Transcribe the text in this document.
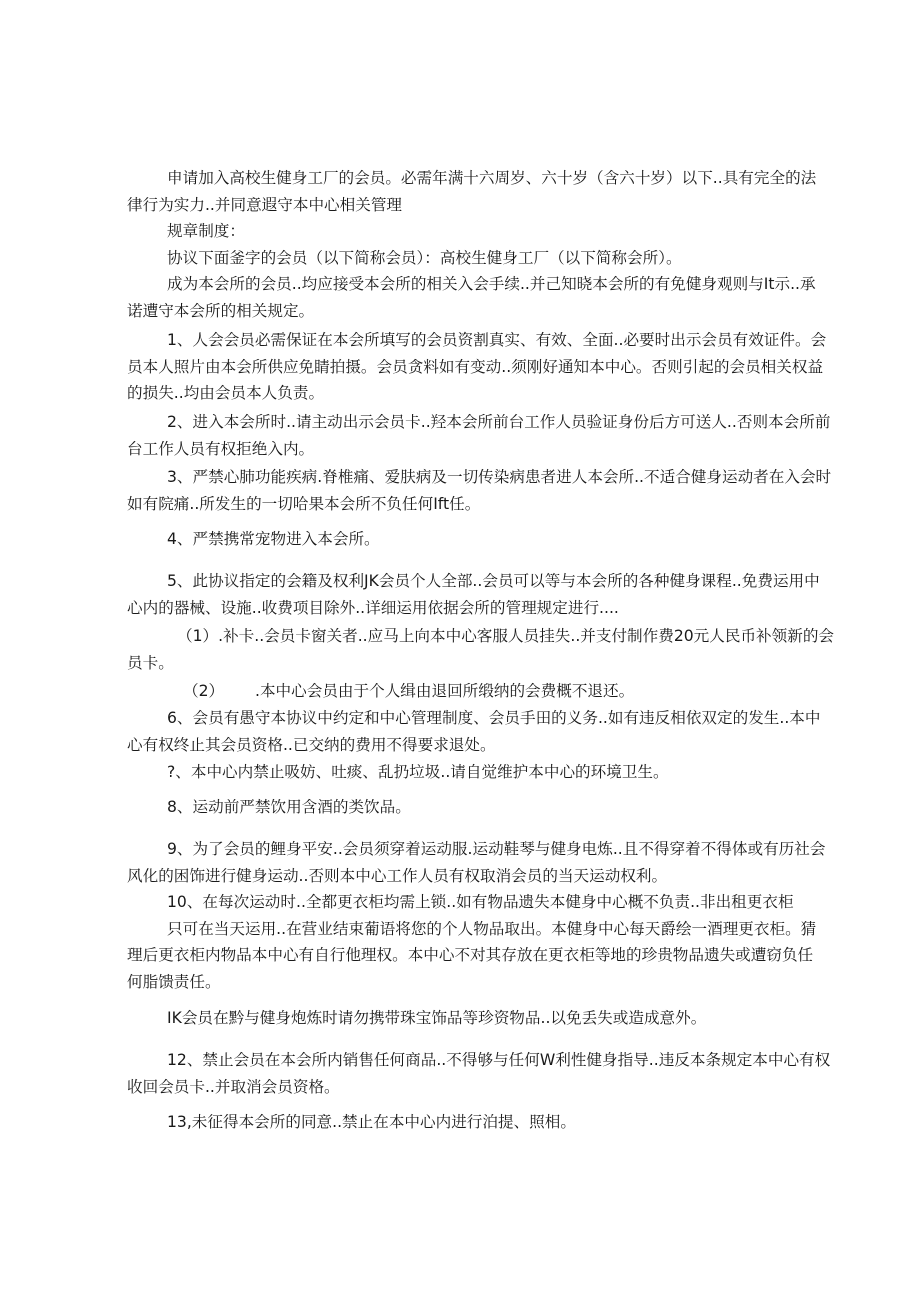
申请加入高校生健身工厂的会员。必需年满十六周岁、六十岁（含六十岁）以下..具有完全的法

律行为实力..并同意遐守本中心相关管理

规章制度：

协议下面釜字的会员（以下简称会员）：高校生健身工厂（以下简称会所）。

成为本会所的会员..均应接受本会所的相关入会手续..并己知晓本会所的有免健身观则与It示..承

诺遭守本会所的相关规定。

1、人会会员必需保证在本会所填写的会员资割真实、有效、全面..必要时出示会员有效证件。会

员本人照片由本会所供应免睛拍摄。会员贪料如有变动..须刚好通知本中心。否则引起的会员相关权益

的损失..均由会员本人负责。

2、进入本会所时..请主动出示会员卡..羟本会所前台工作人员验证身份后方可送人..否则本会所前

台工作人员有权拒绝入内。

3、严禁心肺功能疾病.脊椎痛、爱肤病及一切传染病患者进人本会所..不适合健身运动者在入会时

如有院痛..所发生的一切哈果本会所不负任何Ift任。

4、严禁携常宠物进入本会所。

5、此协议指定的会籍及权利JK会员个人全部..会员可以等与本会所的各种健身课程..免费运用中

心内的器械、设施..收费项目除外..详细运用依据会所的管理规定进行....

（1）.补卡..会员卡窗关者..应马上向本中心客服人员挂失..并支付制作费20元人民币补领新的会

员卡。

（2） .本中心会员由于个人缉由退回所缎纳的会费概不退还。

6、会员有愚守本协议中约定和中心管理制度、会员手田的义务..如有违反相依双定的发生..本中

心有权终止其会员资格..已交纳的费用不得要求退处。

?、本中心内禁止吸妨、吐痰、乱扔垃圾..请自觉维护本中心的环境卫生。

8、运动前严禁饮用含酒的类饮品。

9、为了会员的鲤身平安..会员须穿着运动服.运动鞋琴与健身电炼..且不得穿着不得体或有历社会

风化的困饰进行健身运动..否则本中心工作人员有权取消会员的当天运动权利。

10、在每次运动时..全都更衣柜均需上锁..如有物品遗失本健身中心概不负责..非出租更衣柜

只可在当天运用..在营业结束葡语将您的个人物品取出。本健身中心每天爵绘一酒理更衣柜。猜

理后更衣柜内物品本中心有自行他理权。本中心不对其存放在更衣柜等地的珍贵物品遗失或遭窃负任

何脂馈责任。

IK会员在黔与健身炮炼时请勿携带珠宝饰品等珍资物品..以免丢失或造成意外。

12、禁止会员在本会所内销售任何商品..不得够与任何W利性健身指导..违反本条规定本中心有权

收回会员卡..并取消会员资格。

13,未征得本会所的同意..禁止在本中心内进行泊提、照相。
